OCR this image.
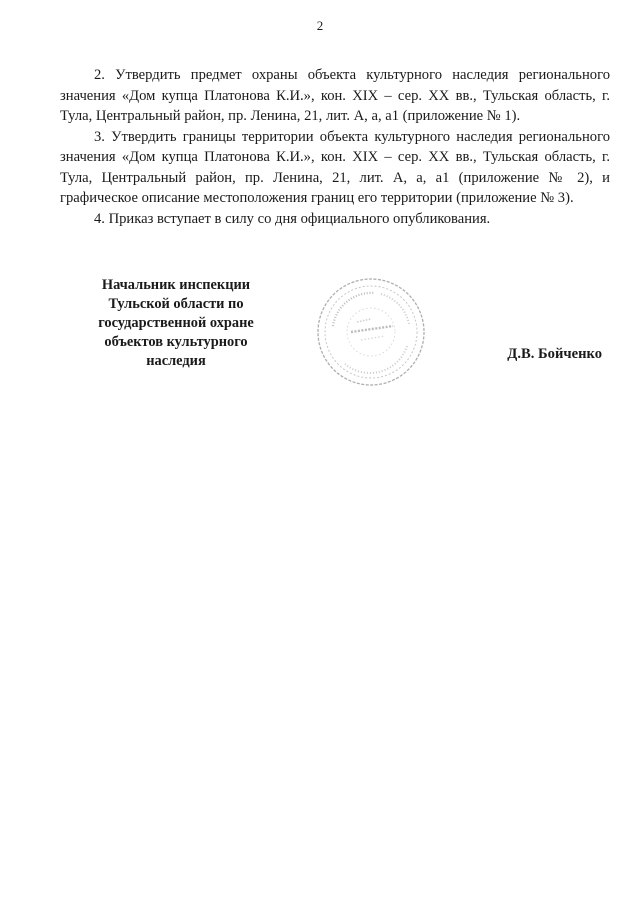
2

2. Утвердить предмет охраны объекта культурного наследия регионального значения «Дом купца Платонова К.И.», кон. XIX – сер. XX вв., Тульская область, г. Тула, Центральный район, пр. Ленина, 21, лит. А, а, а1 (приложение № 1).

3. Утвердить границы территории объекта культурного наследия регионального значения «Дом купца Платонова К.И.», кон. XIX – сер. XX вв., Тульская область, г. Тула, Центральный район, пр. Ленина, 21, лит. А, а, а1 (приложение № 2), и графическое описание местоположения границ его территории (приложение № 3).

4. Приказ вступает в силу со дня официального опубликования.

Начальник инспекции
Тульской области по
государственной охране
объектов культурного
наследия	Д.В. Бойченко
